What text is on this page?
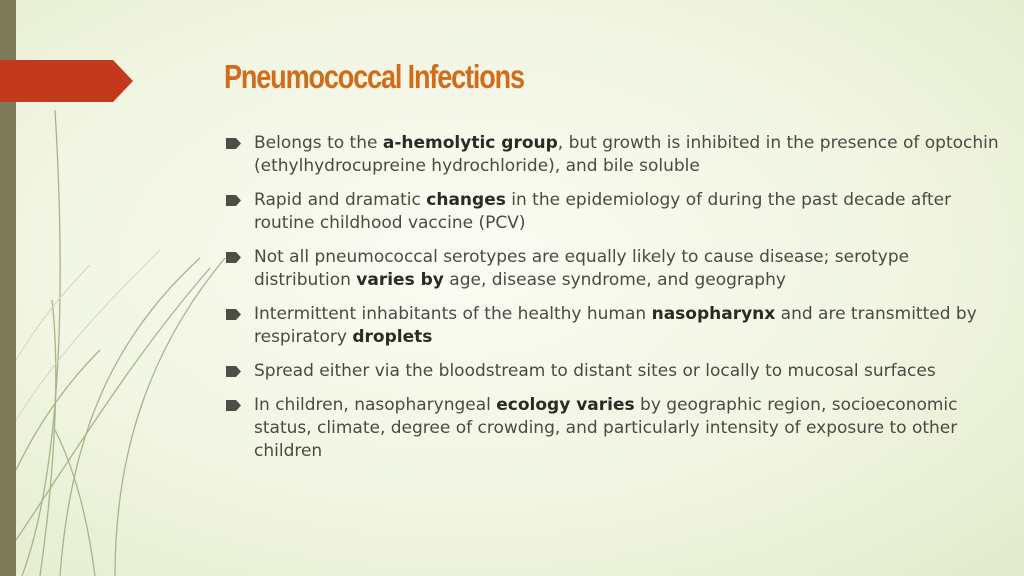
Pneumococcal Infections
Belongs to the a-hemolytic group, but growth is inhibited in the presence of optochin (ethylhydrocupreine hydrochloride), and bile soluble
Rapid and dramatic changes in the epidemiology of during the past decade after routine childhood vaccine (PCV)
Not all pneumococcal serotypes are equally likely to cause disease; serotype distribution varies by age, disease syndrome, and geography
Intermittent inhabitants of the healthy human nasopharynx and are transmitted by respiratory droplets
Spread either via the bloodstream to distant sites or locally to mucosal surfaces
In children, nasopharyngeal ecology varies by geographic region, socioeconomic status, climate, degree of crowding, and particularly intensity of exposure to other children
